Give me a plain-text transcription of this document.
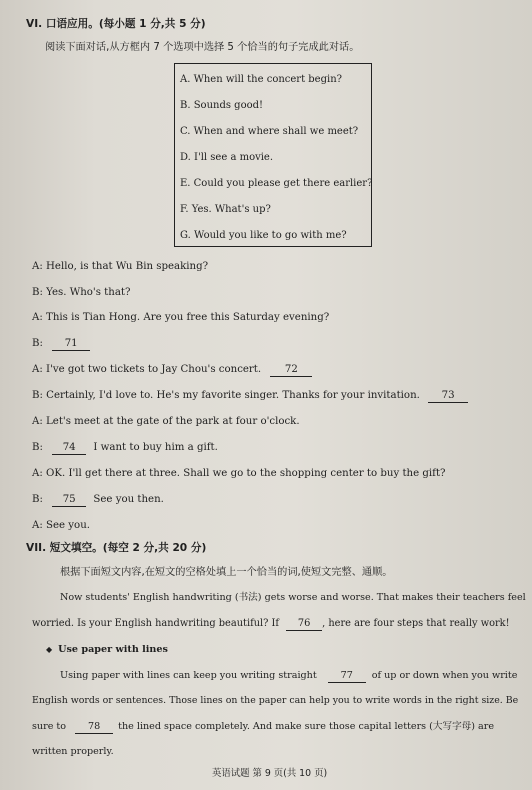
VI. 口语应用。(每小题 1 分,共 5 分)
阅读下面对话,从方框内 7 个选项中选择 5 个恰当的句子完成此对话。
A. When will the concert begin?
B. Sounds good!
C. When and where shall we meet?
D. I'll see a movie.
E. Could you please get there earlier?
F. Yes. What's up?
G. Would you like to go with me?
A: Hello, is that Wu Bin speaking?
B: Yes. Who's that?
A: This is Tian Hong. Are you free this Saturday evening?
B: 71
A: I've got two tickets to Jay Chou's concert. 72
B: Certainly, I'd love to. He's my favorite singer. Thanks for your invitation. 73
A: Let's meet at the gate of the park at four o'clock.
B: 74 I want to buy him a gift.
A: OK. I'll get there at three. Shall we go to the shopping center to buy the gift?
B: 75 See you then.
A: See you.
VII. 短文填空。(每空 2 分,共 20 分)
根据下面短文内容,在短文的空格处填上一个恰当的词,使短文完整、通顺。
Now students' English handwriting (书法) gets worse and worse. That makes their teachers feel
worried. Is your English handwriting beautiful? If 76 , here are four steps that really work!
◆ Use paper with lines
Using paper with lines can keep you writing straight 77 of up or down when you write
English words or sentences. Those lines on the paper can help you to write words in the right size. Be
sure to 78 the lined space completely. And make sure those capital letters (大写字母) are
written properly.
英语试题 第 9 页(共 10 页)
